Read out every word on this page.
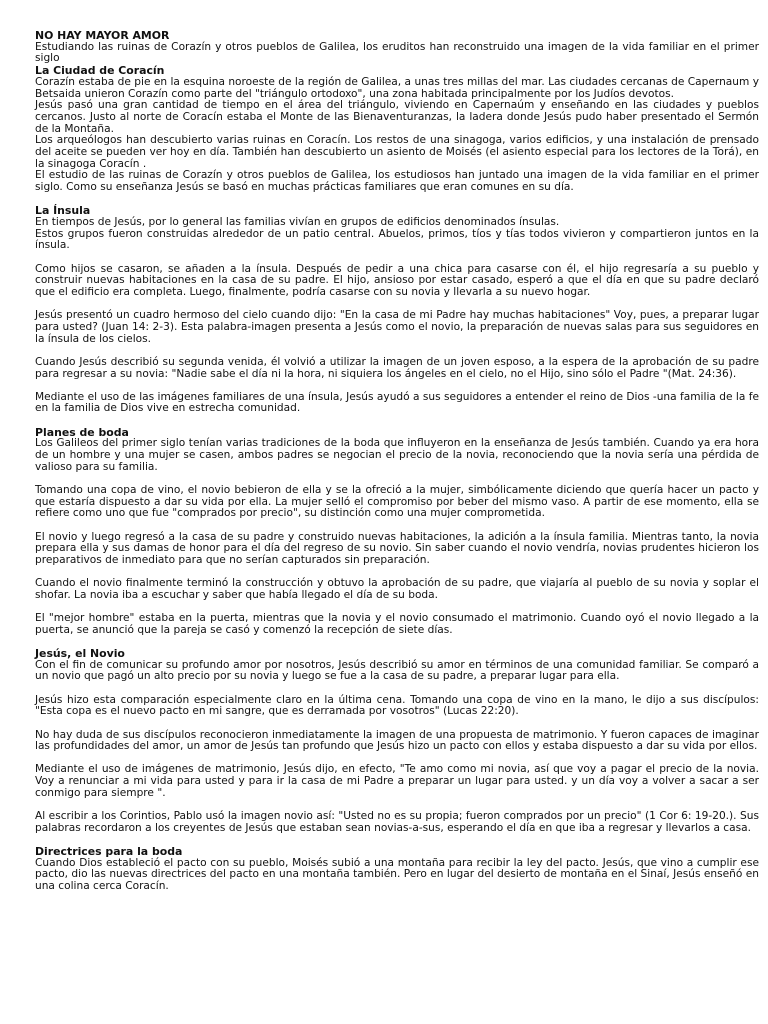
NO HAY MAYOR AMOR

Estudiando las ruinas de Corazín y otros pueblos de Galilea, los eruditos han reconstruido una imagen de la vida familiar en el primer siglo

La Ciudad de Coracín

Corazín estaba de pie en la esquina noroeste de la región de Galilea, a unas tres millas del mar. Las ciudades cercanas de Capernaum y Betsaida unieron Corazín como parte del "triángulo ortodoxo", una zona habitada principalmente por los Judíos devotos.

Jesús pasó una gran cantidad de tiempo en el área del triángulo, viviendo en Capernaúm y enseñando en las ciudades y pueblos cercanos. Justo al norte de Coracín estaba el Monte de las Bienaventuranzas, la ladera donde Jesús pudo haber presentado el Sermón de la Montaña.

Los arqueólogos han descubierto varias ruinas en Coracín. Los restos de una sinagoga, varios edificios, y una instalación de prensado del aceite se pueden ver hoy en día. También han descubierto un asiento de Moisés (el asiento especial para los lectores de la Torá), en la sinagoga Coracín .

El estudio de las ruinas de Corazín y otros pueblos de Galilea, los estudiosos han juntado una imagen de la vida familiar en el primer siglo. Como su enseñanza Jesús se basó en muchas prácticas familiares que eran comunes en su día.

La Ínsula

En tiempos de Jesús, por lo general las familias vivían en grupos de edificios denominados ínsulas.

Estos grupos fueron construidas alrededor de un patio central. Abuelos, primos, tíos y tías todos vivieron y compartieron juntos en la ínsula.

Como hijos se casaron, se añaden a la ínsula. Después de pedir a una chica para casarse con él, el hijo regresaría a su pueblo y construir nuevas habitaciones en la casa de su padre. El hijo, ansioso por estar casado, esperó a que el día en que su padre declaró que el edificio era completa. Luego, finalmente, podría casarse con su novia y llevarla a su nuevo hogar.

Jesús presentó un cuadro hermoso del cielo cuando dijo: "En la casa de mi Padre hay muchas habitaciones" Voy, pues, a preparar lugar para usted? (Juan 14: 2-3). Esta palabra-imagen presenta a Jesús como el novio, la preparación de nuevas salas para sus seguidores en la ínsula de los cielos.

Cuando Jesús describió su segunda venida, él volvió a utilizar la imagen de un joven esposo, a la espera de la aprobación de su padre para regresar a su novia: "Nadie sabe el día ni la hora, ni siquiera los ángeles en el cielo, no el Hijo, sino sólo el Padre "(Mat. 24:36).

Mediante el uso de las imágenes familiares de una ínsula, Jesús ayudó a sus seguidores a entender el reino de Dios -una familia de la fe en la familia de Dios vive en estrecha comunidad.

Planes de boda

Los Galileos del primer siglo tenían varias tradiciones de la boda que influyeron en la enseñanza de Jesús también. Cuando ya era hora de un hombre y una mujer se casen, ambos padres se negocian el precio de la novia, reconociendo que la novia sería una pérdida de valioso para su familia.

Tomando una copa de vino, el novio bebieron de ella y se la ofreció a la mujer, simbólicamente diciendo que quería hacer un pacto y que estaría dispuesto a dar su vida por ella. La mujer selló el compromiso por beber del mismo vaso. A partir de ese momento, ella se refiere como uno que fue "comprados por precio", su distinción como una mujer comprometida.

El novio y luego regresó a la casa de su padre y construido nuevas habitaciones, la adición a la ínsula familia. Mientras tanto, la novia prepara ella y sus damas de honor para el día del regreso de su novio. Sin saber cuando el novio vendría, novias prudentes hicieron los preparativos de inmediato para que no serían capturados sin preparación.

Cuando el novio finalmente terminó la construcción y obtuvo la aprobación de su padre, que viajaría al pueblo de su novia y soplar el shofar. La novia iba a escuchar y saber que había llegado el día de su boda.

El "mejor hombre" estaba en la puerta, mientras que la novia y el novio consumado el matrimonio. Cuando oyó el novio llegado a la puerta, se anunció que la pareja se casó y comenzó la recepción de siete días.

Jesús, el Novio

Con el fin de comunicar su profundo amor por nosotros, Jesús describió su amor en términos de una comunidad familiar. Se comparó a un novio que pagó un alto precio por su novia y luego se fue a la casa de su padre, a preparar lugar para ella.

Jesús hizo esta comparación especialmente claro en la última cena. Tomando una copa de vino en la mano, le dijo a sus discípulos: "Esta copa es el nuevo pacto en mi sangre, que es derramada por vosotros" (Lucas 22:20).

No hay duda de sus discípulos reconocieron inmediatamente la imagen de una propuesta de matrimonio. Y fueron capaces de imaginar las profundidades del amor, un amor de Jesús tan profundo que Jesús hizo un pacto con ellos y estaba dispuesto a dar su vida por ellos.

Mediante el uso de imágenes de matrimonio, Jesús dijo, en efecto, "Te amo como mi novia, así que voy a pagar el precio de la novia. Voy a renunciar a mi vida para usted y para ir la casa de mi Padre a preparar un lugar para usted. y un día voy a volver a sacar a ser conmigo para siempre ".

Al escribir a los Corintios, Pablo usó la imagen novio así: "Usted no es su propia; fueron comprados por un precio" (1 Cor 6: 19-20.). Sus palabras recordaron a los creyentes de Jesús que estaban sean novias-a-sus, esperando el día en que iba a regresar y llevarlos a casa.

Directrices para la boda

Cuando Dios estableció el pacto con su pueblo, Moisés subió a una montaña para recibir la ley del pacto. Jesús, que vino a cumplir ese pacto, dio las nuevas directrices del pacto en una montaña también. Pero en lugar del desierto de montaña en el Sinaí, Jesús enseñó en una colina cerca Coracín.
